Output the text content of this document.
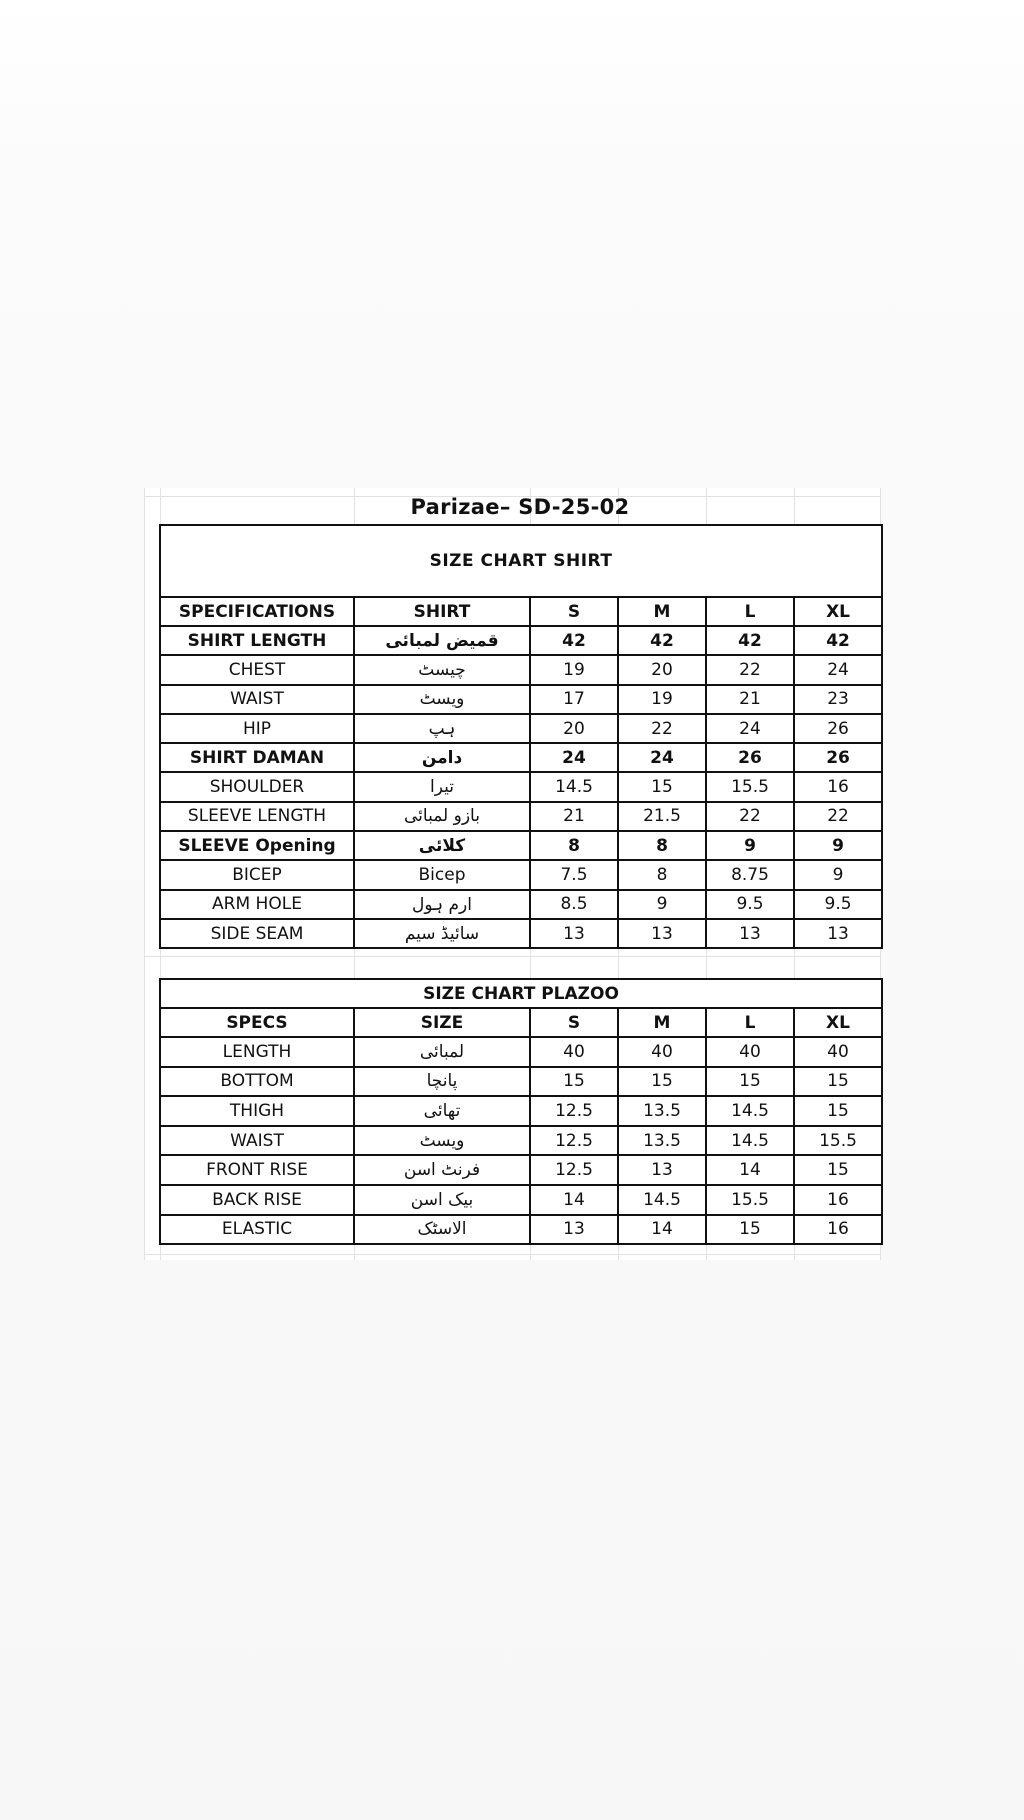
Parizae– SD-25-02
SIZE CHART SHIRT					
SPECIFICATIONS	SHIRT	S	M	L	XL
SHIRT LENGTH	قمیض لمبائی	42	42	42	42
CHEST	چیسٹ	19	20	22	24
WAIST	ویسٹ	17	19	21	23
HIP	ہپ	20	22	24	26
SHIRT DAMAN	دامن	24	24	26	26
SHOULDER	تیرا	14.5	15	15.5	16
SLEEVE LENGTH	بازو لمبائی	21	21.5	22	22
SLEEVE Opening	کلائی	8	8	9	9
BICEP	Bicep	7.5	8	8.75	9
ARM HOLE	ارم ہول	8.5	9	9.5	9.5
SIDE SEAM	سائیڈ سیم	13	13	13	13
SIZE CHART PLAZOO					
SPECS	SIZE	S	M	L	XL
LENGTH	لمبائی	40	40	40	40
BOTTOM	پانچا	15	15	15	15
THIGH	تھائی	12.5	13.5	14.5	15
WAIST	ویسٹ	12.5	13.5	14.5	15.5
FRONT RISE	فرنٹ اسن	12.5	13	14	15
BACK RISE	بیک اسن	14	14.5	15.5	16
ELASTIC	الاسٹک	13	14	15	16
